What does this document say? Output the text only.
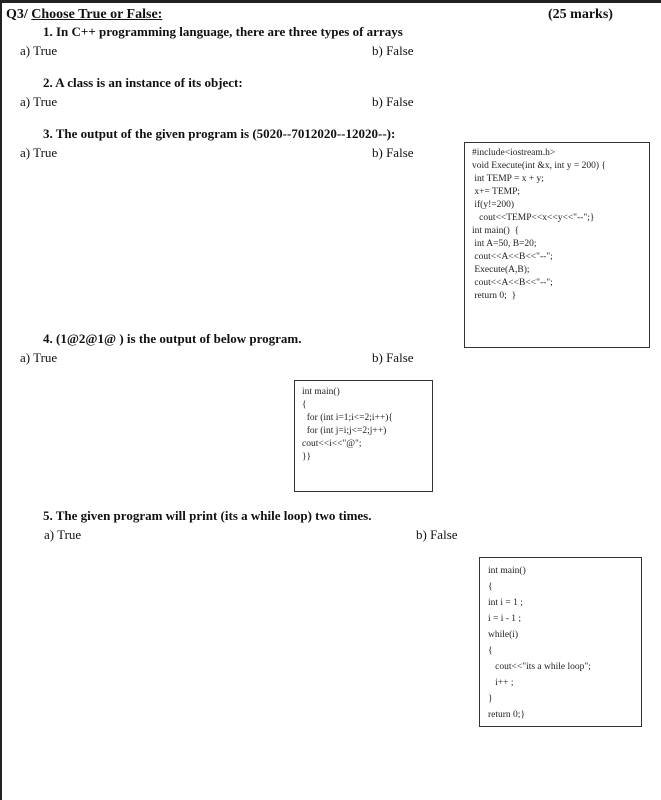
Q3/ Choose True or False:	(25 marks)
1. In C++ programming language, there are three types of arrays
a) True	b) False
2. A class is an instance of its object:
a) True	b) False
3. The output of the given program is (5020--7012020--12020--):
a) True	b) False	#include<iostream.h>
void Execute(int &x, int y = 200) {
int TEMP = x + y;
x+= TEMP;
if(y!=200)
cout<<TEMP<<x<<y<<"--";}
int main()  {
int A=50, B=20;
cout<<A<<B<<"--";
Execute(A,B);
cout<<A<<B<<"--";
return 0;  }
4. (1@2@1@ ) is the output of below program.
a) True	b) False
int main()
{
for (int i=1;i<=2;i++){
for (int j=i;j<=2;j++)
cout<<i<<"@";
}}
5. The given program will print (its a while loop) two times.
a) True	b) False
int main()
{
int i = 1 ;
i = i - 1 ;
while(i)
{
cout<<"its a while loop";
i++ ;
}
return 0;}
